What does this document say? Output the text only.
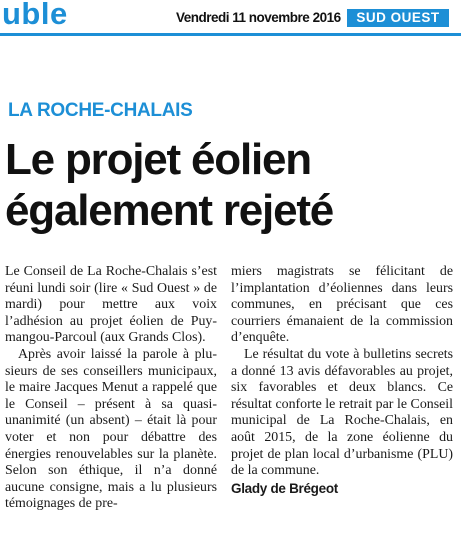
uble	Vendredi 11 novembre 2016	SUD OUEST
LA ROCHE-CHALAIS
Le projet éolien
également rejeté

Le Conseil de La Roche-Chalais s’est réuni lundi soir (lire « Sud Ouest » de mardi) pour mettre aux voix l’adhésion au projet éolien de Puymangou-Parcoul (aux Grands Clos).

Après avoir laissé la parole à plusieurs de ses conseillers municipaux, le maire Jacques Menut a rappelé que le Conseil – présent à sa quasi-unanimité (un absent) – était là pour voter et non pour débattre des énergies renouvelables sur la planète. Selon son éthique, il n’a donné aucune consigne, mais a lu plusieurs témoignages de pre-

miers magistrats se félicitant de l’implantation d’éoliennes dans leurs communes, en précisant que ces courriers émanaient de la commission d’enquête.

Le résultat du vote à bulletins secrets a donné 13 avis défavorables au projet, six favorables et deux blancs. Ce résultat conforte le retrait par le Conseil municipal de La Roche-Chalais, en août 2015, de la zone éolienne du projet de plan local d’urbanisme (PLU) de la commune.

Glady de Brégeot
